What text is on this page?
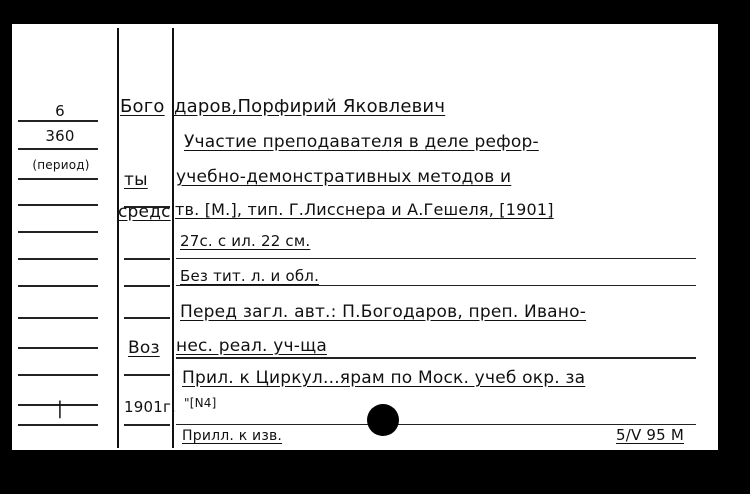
6
360
(период)
|
Бого
ты
средс
Воз
1901г.
даров,Порфирий Яковлевич
Участие преподавателя в деле рефор-
учебно-демонстративных методов и
тв. [М.], тип. Г.Лисснера и А.Гешеля, [1901]
27с. с ил. 22 см.
Без тит. л. и обл.
Перед загл. авт.: П.Богодаров, преп. Ивано-
нес. реал. уч-ща
Прил. к Циркул...ярам по Моск. учеб окр. за
"[N4]
Прилл. к изв.	5/V 95 М
